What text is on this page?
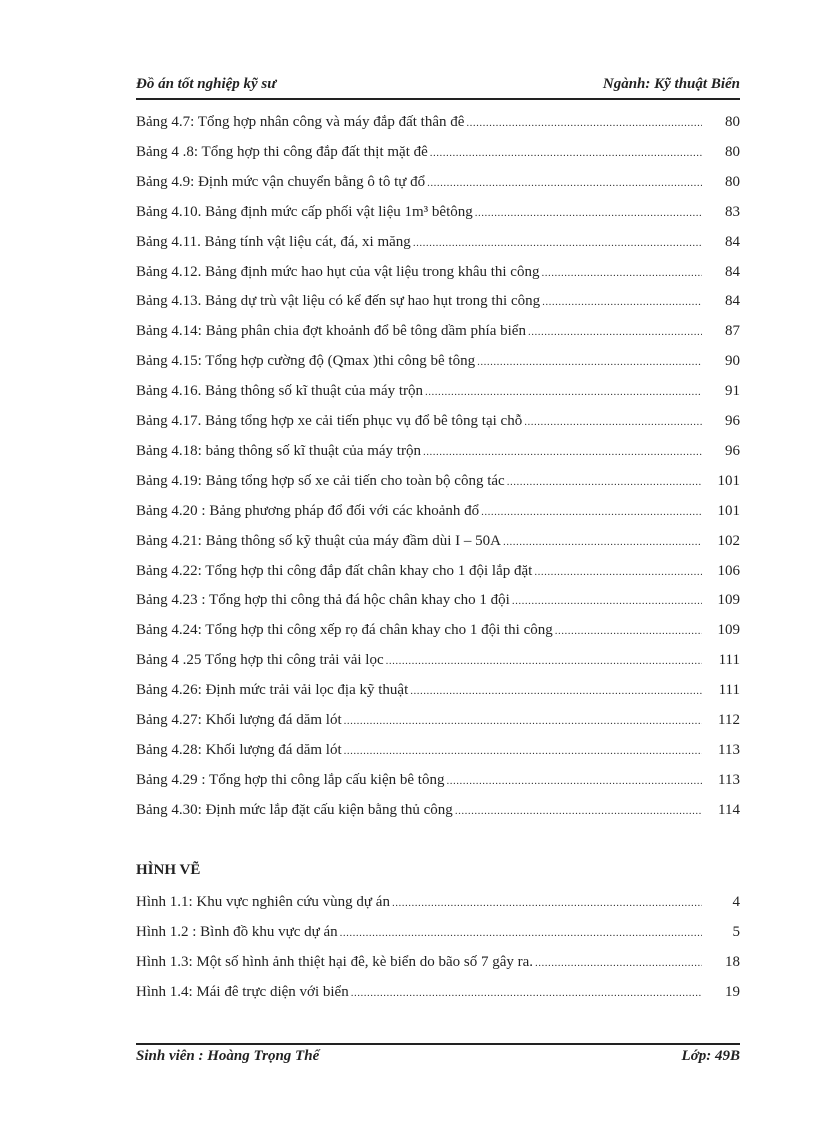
Đồ án tốt nghiệp kỹ sư	Ngành: Kỹ thuật Biển
Bảng 4.7: Tổng hợp nhân công và máy đắp đất thân đê .....	80
Bảng 4 .8: Tổng hợp thi công đắp đất thịt mặt đê .....	80
Bảng 4.9: Định mức vận chuyển bằng ô tô tự đổ .....	80
Bảng 4.10. Bảng định mức cấp phối vật liệu 1m³ bêtông .....	83
Bảng 4.11. Bảng tính vật liệu cát, đá, xi măng .....	84
Bảng 4.12. Bảng định mức hao hụt của vật liệu trong khâu thi công .....	84
Bảng 4.13. Bảng dự trù vật liệu có kể đến sự hao hụt trong thi công .....	84
Bảng 4.14: Bảng phân chia đợt khoảnh đổ bê tông dầm phía biển .....	87
Bảng 4.15: Tổng hợp cường độ (Qmax )thi công bê tông .....	90
Bảng 4.16. Bảng thông số kĩ thuật của máy trộn .....	91
Bảng 4.17. Bảng tổng hợp xe cải tiến phục vụ đổ bê tông tại chỗ .....	96
Bảng 4.18: bảng thông số kĩ thuật của máy trộn .....	96
Bảng 4.19: Bảng tổng hợp số xe cải tiến cho toàn bộ công tác .....	101
Bảng 4.20 : Bảng phương pháp đổ đối với các khoảnh đổ .....	101
Bảng 4.21: Bảng thông số kỹ thuật của máy đầm dùi I – 50A .....	102
Bảng 4.22: Tổng hợp thi công đắp đất chân khay cho 1 đội lắp đặt .....	106
Bảng 4.23 : Tổng hợp thi công thả đá hộc chân khay cho 1 đội .....	109
Bảng 4.24: Tổng hợp thi công xếp rọ đá chân khay cho 1 đội thi công .....	109
Bảng 4 .25 Tổng hợp thi công trải vải lọc .....	111
Bảng 4.26: Định mức trải vải lọc địa kỹ thuật .....	111
Bảng 4.27: Khối lượng đá dăm lót .....	112
Bảng 4.28: Khối lượng đá dăm lót .....	113
Bảng 4.29 : Tổng hợp thi công lắp cấu kiện bê tông .....	113
Bảng 4.30: Định mức lắp đặt cấu kiện bằng thủ công .....	114
HÌNH VẼ
Hình 1.1: Khu vực nghiên cứu vùng dự án .....	4
Hình 1.2 : Bình đồ khu vực dự án .....	5
Hình 1.3: Một số hình ảnh thiệt hại đê, kè biển do bão số 7 gây ra. .....	18
Hình 1.4: Mái đê trực diện với biển .....	19
Sinh viên : Hoàng Trọng Thể	Lớp: 49B
